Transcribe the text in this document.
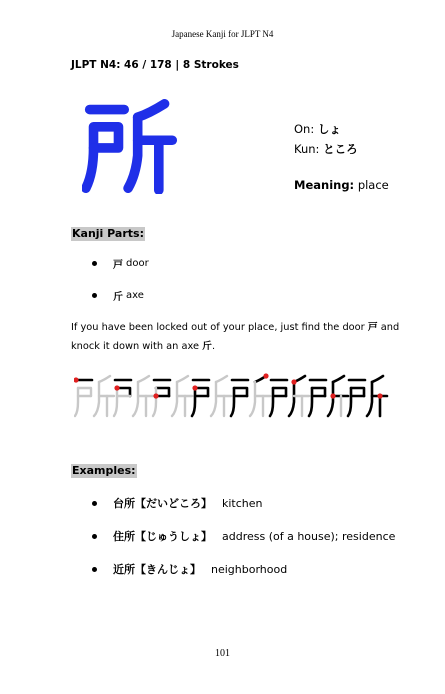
Japanese Kanji for JLPT N4
JLPT N4: 46 / 178 | 8 Strokes
On: しょ
Kun: ところ
Meaning: place
Kanji Parts:
戸 door
斤 axe
If you have been locked out of your place, just find the door 戸 and
knock it down with an axe 斤.
Examples:
台所【だいどころ】 kitchen
住所【じゅうしょ】 address (of a house); residence
近所【きんじょ】 neighborhood
101
